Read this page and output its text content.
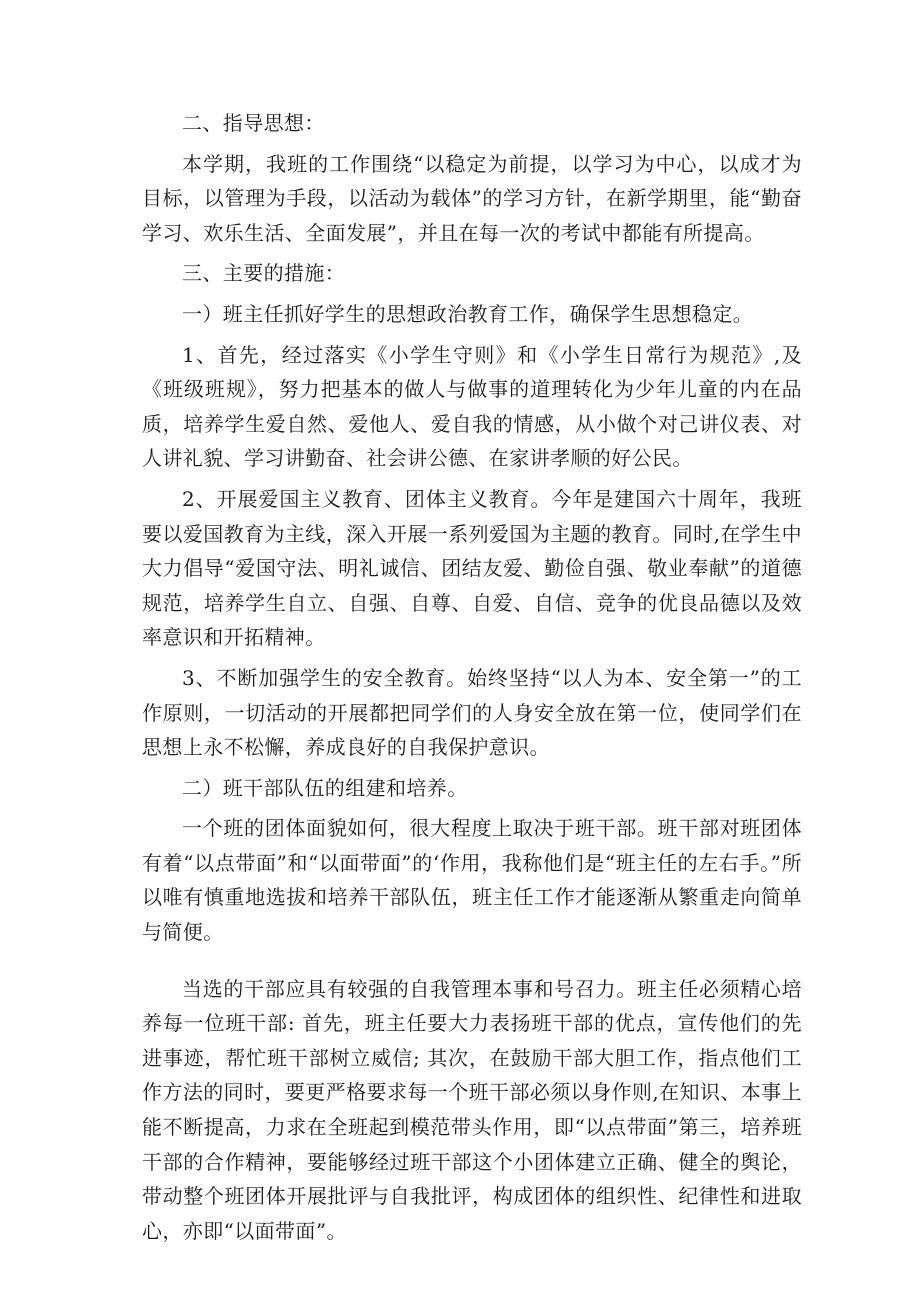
二、指导思想：

本学期，我班的工作围绕“以稳定为前提，以学习为中心，以成才为目标，以管理为手段，以活动为载体”的学习方针，在新学期里，能“勤奋学习、欢乐生活、全面发展”，并且在每一次的考试中都能有所提高。

三、主要的措施：

一）班主任抓好学生的思想政治教育工作，确保学生思想稳定。

1、首先，经过落实《小学生守则》和《小学生日常行为规范》,及《班级班规》，努力把基本的做人与做事的道理转化为少年儿童的内在品质，培养学生爱自然、爱他人、爱自我的情感，从小做个对己讲仪表、对人讲礼貌、学习讲勤奋、社会讲公德、在家讲孝顺的好公民。

2、开展爱国主义教育、团体主义教育。今年是建国六十周年，我班要以爱国教育为主线，深入开展一系列爱国为主题的教育。同时,在学生中大力倡导“爱国守法、明礼诚信、团结友爱、勤俭自强、敬业奉献”的道德规范，培养学生自立、自强、自尊、自爱、自信、竞争的优良品德以及效率意识和开拓精神。

3、不断加强学生的安全教育。始终坚持“以人为本、安全第一”的工作原则，一切活动的开展都把同学们的人身安全放在第一位，使同学们在思想上永不松懈，养成良好的自我保护意识。

二）班干部队伍的组建和培养。

一个班的团体面貌如何，很大程度上取决于班干部。班干部对班团体有着“以点带面”和“以面带面”的‘作用，我称他们是“班主任的左右手。”所以唯有慎重地选拔和培养干部队伍，班主任工作才能逐渐从繁重走向简单与简便。

当选的干部应具有较强的自我管理本事和号召力。班主任必须精心培养每一位班干部: 首先，班主任要大力表扬班干部的优点，宣传他们的先进事迹，帮忙班干部树立威信; 其次，在鼓励干部大胆工作，指点他们工作方法的同时，要更严格要求每一个班干部必须以身作则,在知识、本事上能不断提高，力求在全班起到模范带头作用，即“以点带面”第三，培养班干部的合作精神，要能够经过班干部这个小团体建立正确、健全的舆论，带动整个班团体开展批评与自我批评，构成团体的组织性、纪律性和进取心，亦即“以面带面”。
